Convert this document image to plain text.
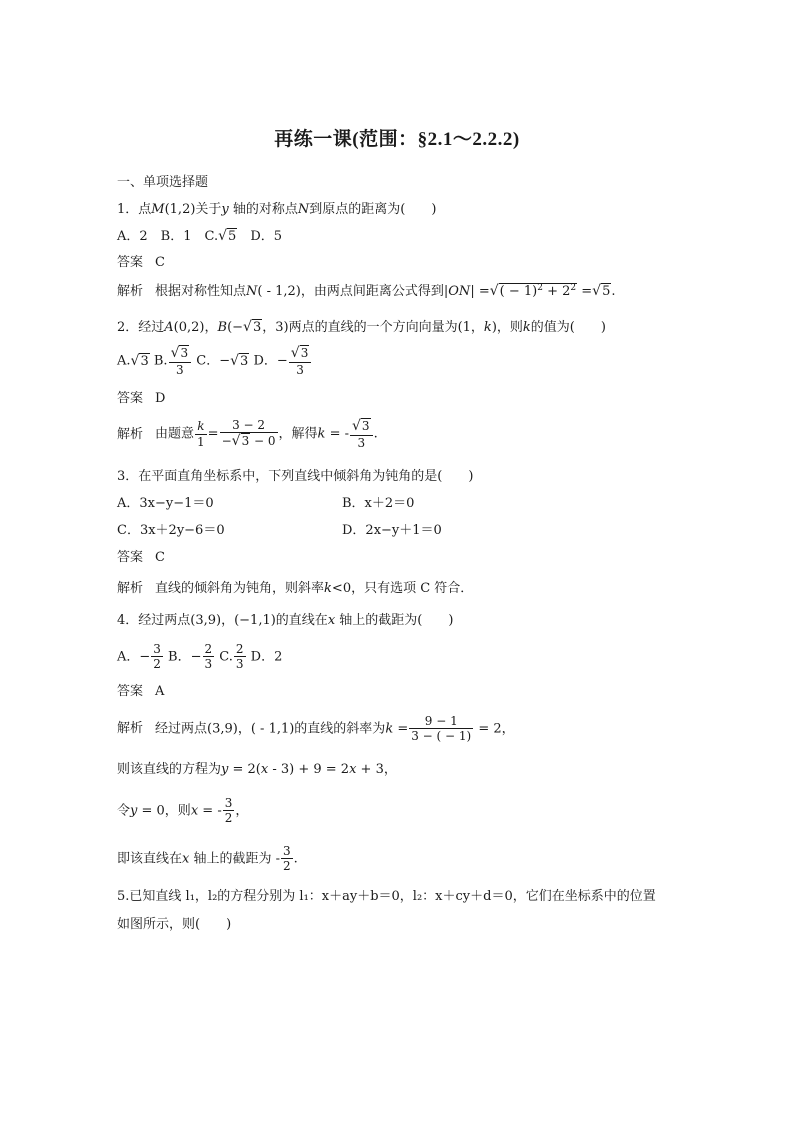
再练一课(范围：§2.1～2.2.2)
一、单项选择题
1．点M(1,2)关于y 轴的对称点N到原点的距离为(　　)
A．2　B．1　C.√5　D．5
答案 C
解析 根据对称性知点N( - 1,2)，由两点间距离公式得到|ON| =√( − $1)^2 + 2^2 =√5$.
2．经过A(0,2)，B(−√3，3)两点的直线的一个方向向量为(1，k)，则k的值为(　　)
A.√3 B. $\frac{√3}{3}$ C．−√3 D．− $\frac{√3}{3}$
答案 D
解析 由题意 $\frac{k}{1} = \frac{3 - 2}{-√3 - 0}$ ，解得k = - $\frac{√3}{3}$ .
3．在平面直角坐标系中，下列直线中倾斜角为钝角的是(　　)
A．3x−y−1＝0	B．x＋2＝0
C．3x＋2y−6＝0	D．2x−y＋1＝0
答案 C
解析 直线的倾斜角为钝角，则斜率k<0，只有选项 C 符合．
4．经过两点(3,9)，(−1,1)的直线在x 轴上的截距为(　　)
A．− $\frac{3}{2}$ B．− $\frac{2}{3} C$. $\frac{2}{3}$ D．2
答案 A
解析 经过两点(3,9)，( - 1,1)的直线的斜率为$k = \frac{9 - 1}{3 - ( - 1)} = 2$，
则该直线的方程为y = 2(x - 3) + 9 = 2x + 3，
令y = 0，则x = - $\frac{3}{2}$ ，
即该直线在x 轴上的截距为 - $\frac{3}{2}$ .
5.已知直线 l₁，l₂的方程分别为 l₁：x＋ay＋b＝0，l₂：x＋cy＋d＝0，它们在坐标系中的位置
如图所示，则(　　)
